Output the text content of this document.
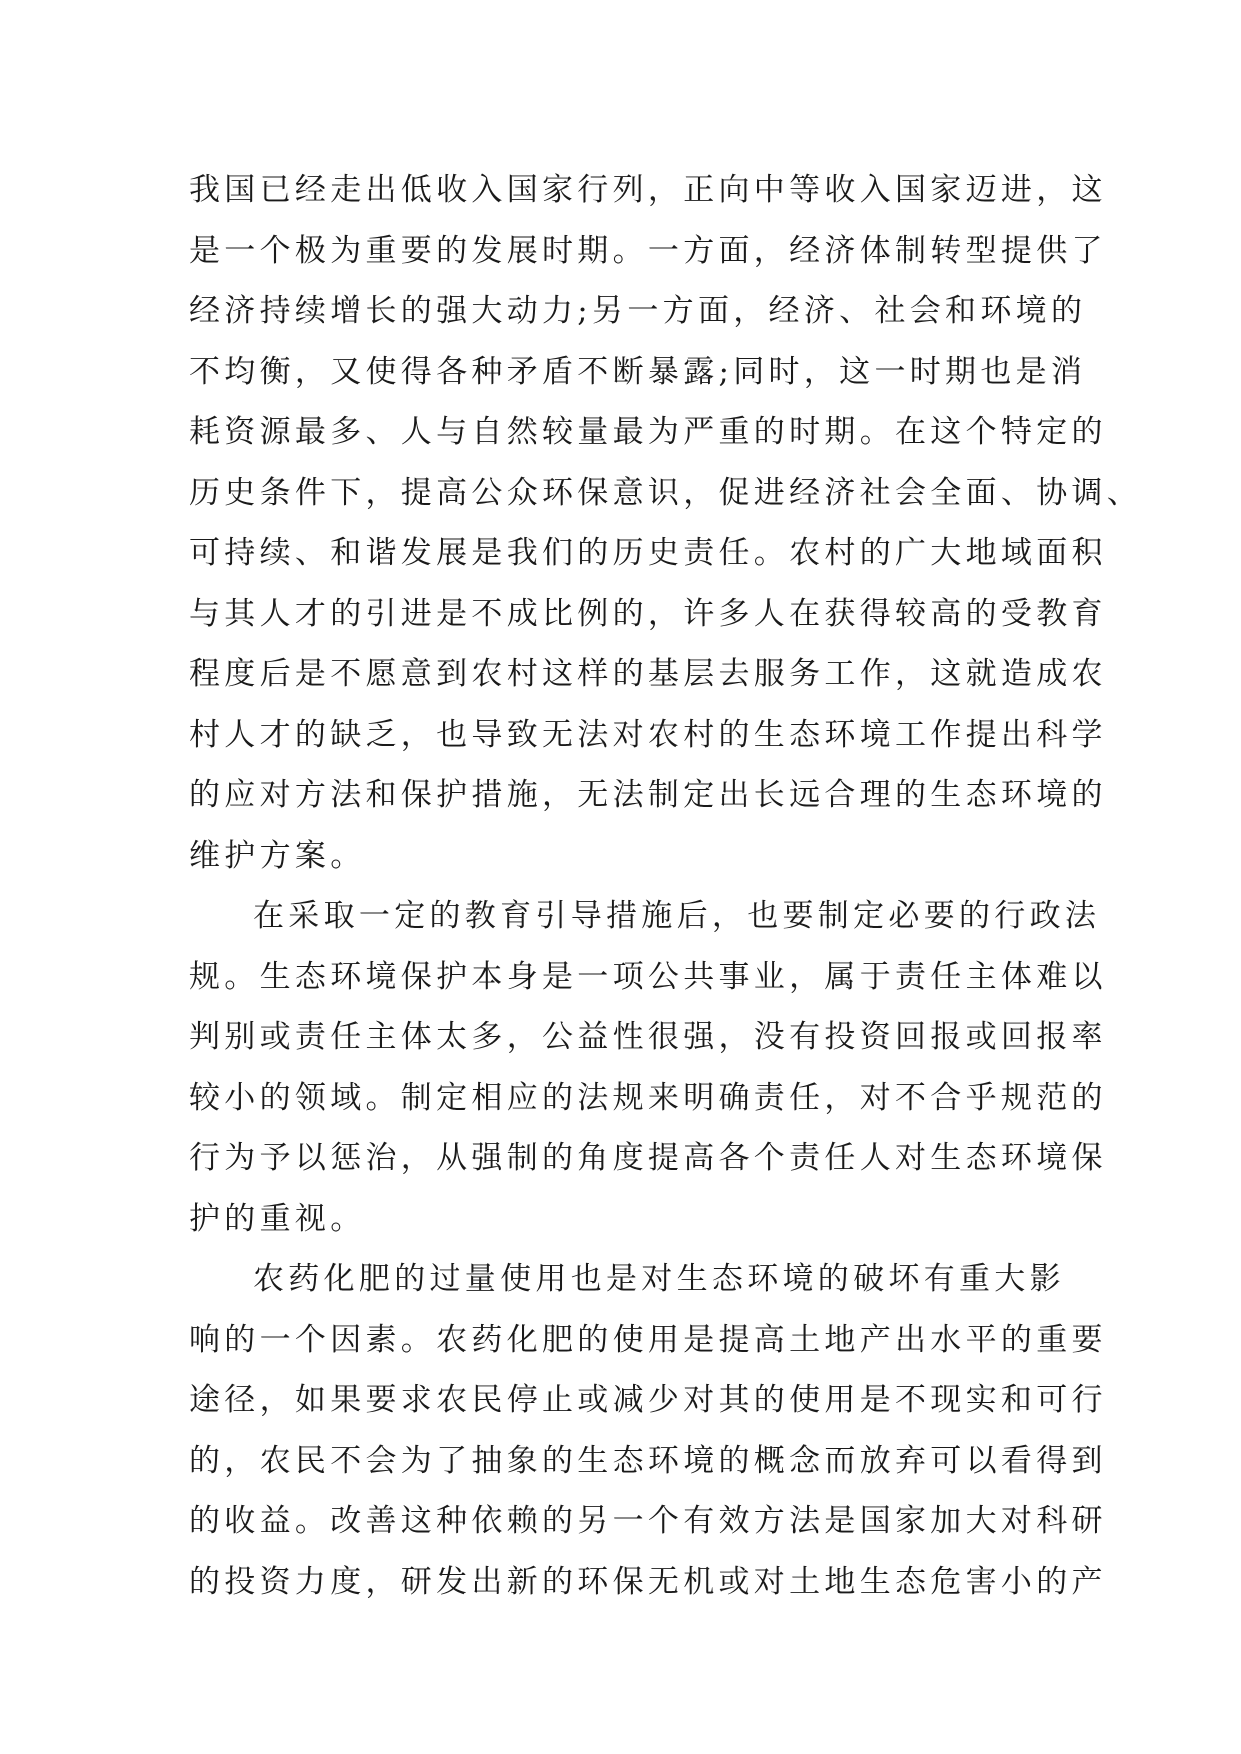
我国已经走出低收入国家行列，正向中等收入国家迈进，这
是一个极为重要的发展时期。一方面，经济体制转型提供了
经济持续增长的强大动力;另一方面，经济、社会和环境的
不均衡，又使得各种矛盾不断暴露;同时，这一时期也是消
耗资源最多、人与自然较量最为严重的时期。在这个特定的
历史条件下，提高公众环保意识，促进经济社会全面、协调、
可持续、和谐发展是我们的历史责任。农村的广大地域面积
与其人才的引进是不成比例的，许多人在获得较高的受教育
程度后是不愿意到农村这样的基层去服务工作，这就造成农
村人才的缺乏，也导致无法对农村的生态环境工作提出科学
的应对方法和保护措施，无法制定出长远合理的生态环境的
维护方案。

在采取一定的教育引导措施后，也要制定必要的行政法
规。生态环境保护本身是一项公共事业，属于责任主体难以
判别或责任主体太多，公益性很强，没有投资回报或回报率
较小的领域。制定相应的法规来明确责任，对不合乎规范的
行为予以惩治，从强制的角度提高各个责任人对生态环境保
护的重视。

农药化肥的过量使用也是对生态环境的破坏有重大影
响的一个因素。农药化肥的使用是提高土地产出水平的重要
途径，如果要求农民停止或减少对其的使用是不现实和可行
的，农民不会为了抽象的生态环境的概念而放弃可以看得到
的收益。改善这种依赖的另一个有效方法是国家加大对科研
的投资力度，研发出新的环保无机或对土地生态危害小的产
